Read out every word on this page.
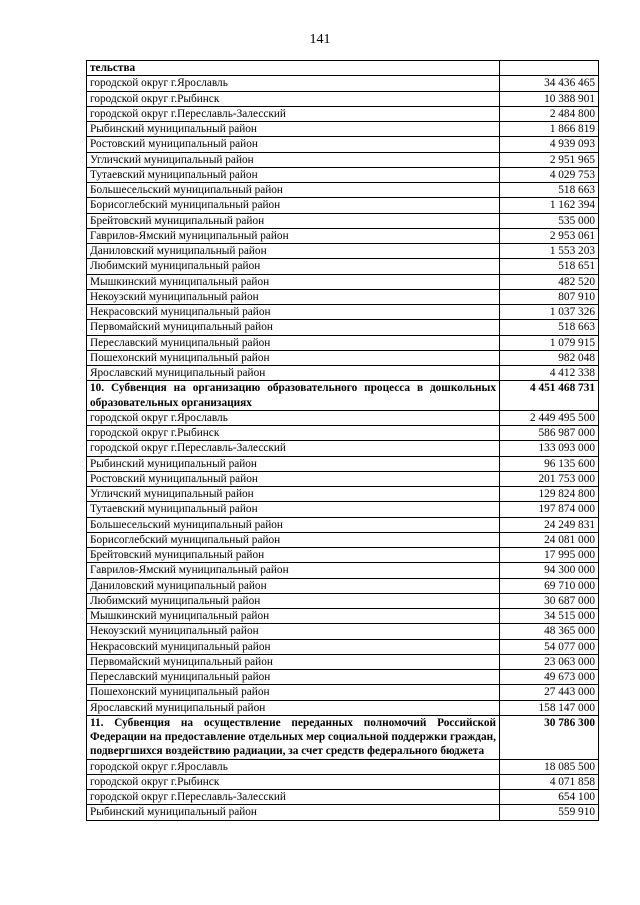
141
тельства	
городской округ г.Ярославль	34 436 465
городской округ г.Рыбинск	10 388 901
городской округ г.Переславль-Залесский	2 484 800
Рыбинский муниципальный район	1 866 819
Ростовский муниципальный район	4 939 093
Угличский муниципальный район	2 951 965
Тутаевский муниципальный район	4 029 753
Большесельский муниципальный район	518 663
Борисоглебский муниципальный район	1 162 394
Брейтовский муниципальный район	535 000
Гаврилов-Ямский муниципальный район	2 953 061
Даниловский муниципальный район	1 553 203
Любимский муниципальный район	518 651
Мышкинский муниципальный район	482 520
Некоузский муниципальный район	807 910
Некрасовский муниципальный район	1 037 326
Первомайский муниципальный район	518 663
Переславский муниципальный район	1 079 915
Пошехонский муниципальный район	982 048
Ярославский муниципальный район	4 412 338
10. Субвенция на организацию образовательного процесса в дошкольных образовательных организациях	4 451 468 731
городской округ г.Ярославль	2 449 495 500
городской округ г.Рыбинск	586 987 000
городской округ г.Переславль-Залесский	133 093 000
Рыбинский муниципальный район	96 135 600
Ростовский муниципальный район	201 753 000
Угличский муниципальный район	129 824 800
Тутаевский муниципальный район	197 874 000
Большесельский муниципальный район	24 249 831
Борисоглебский муниципальный район	24 081 000
Брейтовский муниципальный район	17 995 000
Гаврилов-Ямский муниципальный район	94 300 000
Даниловский муниципальный район	69 710 000
Любимский муниципальный район	30 687 000
Мышкинский муниципальный район	34 515 000
Некоузский муниципальный район	48 365 000
Некрасовский муниципальный район	54 077 000
Первомайский муниципальный район	23 063 000
Переславский муниципальный район	49 673 000
Пошехонский муниципальный район	27 443 000
Ярославский муниципальный район	158 147 000
11. Субвенция на осуществление переданных полномочий Российской Федерации на предоставление отдельных мер социальной поддержки граждан, подвергшихся воздействию радиации, за счет средств федерального бюджета	30 786 300
городской округ г.Ярославль	18 085 500
городской округ г.Рыбинск	4 071 858
городской округ г.Переславль-Залесский	654 100
Рыбинский муниципальный район	559 910
